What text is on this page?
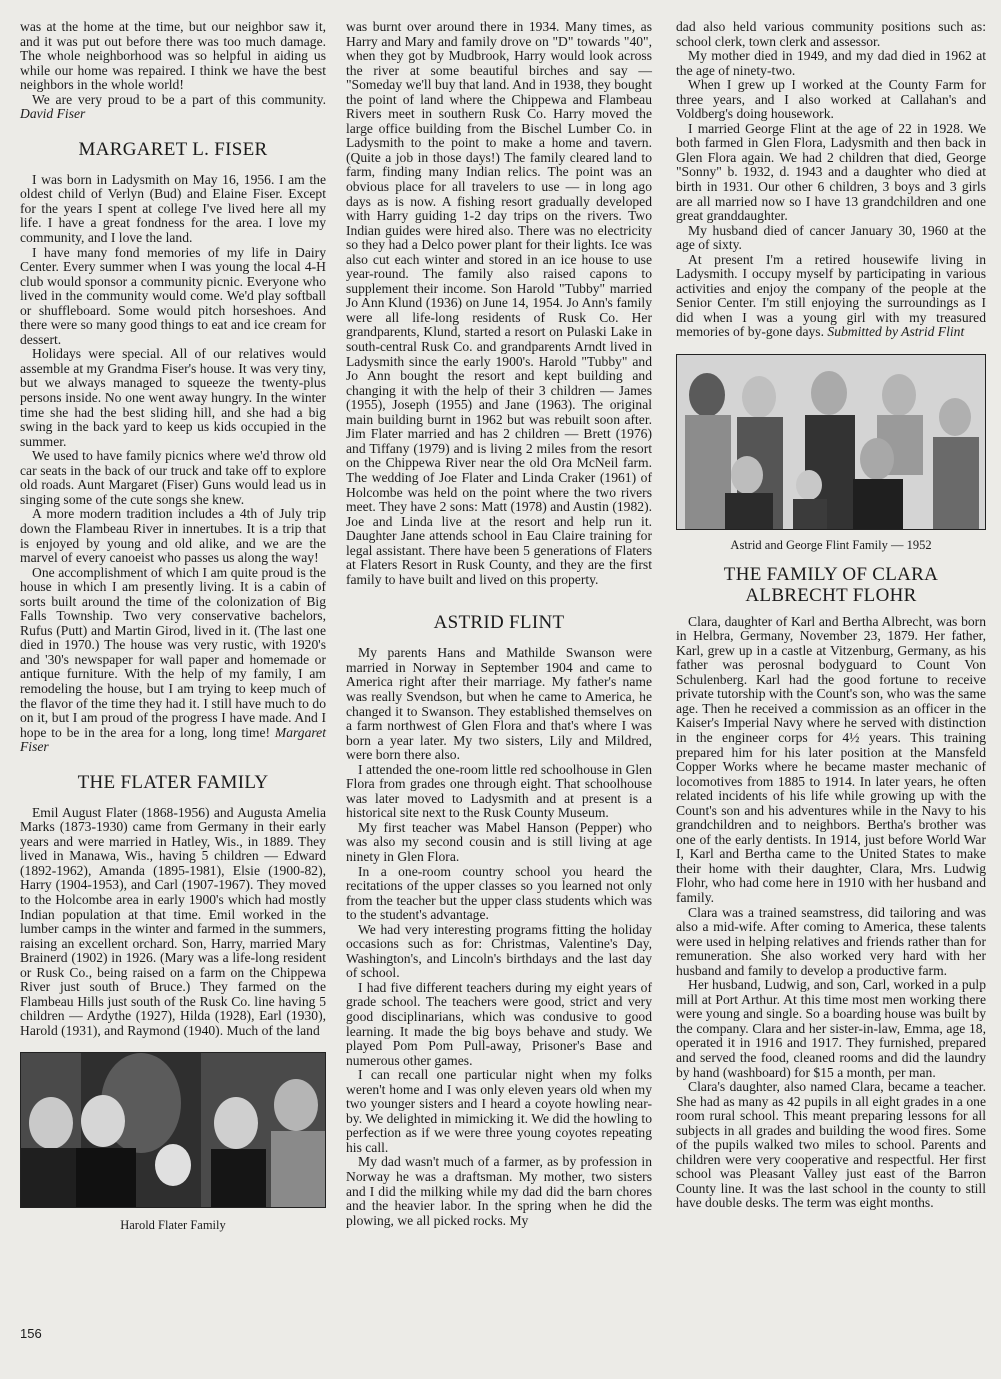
was at the home at the time, but our neighbor saw it, and it was put out before there was too much damage. The whole neighborhood was so helpful in aiding us while our home was repaired. I think we have the best neighbors in the whole world!

We are very proud to be a part of this community. David Fiser

MARGARET L. FISER

I was born in Ladysmith on May 16, 1956. I am the oldest child of Verlyn (Bud) and Elaine Fiser. Except for the years I spent at college I've lived here all my life. I have a great fondness for the area. I love my community, and I love the land.

I have many fond memories of my life in Dairy Center. Every summer when I was young the local 4-H club would sponsor a community picnic. Everyone who lived in the community would come. We'd play softball or shuffleboard. Some would pitch horseshoes. And there were so many good things to eat and ice cream for dessert.

Holidays were special. All of our relatives would assemble at my Grandma Fiser's house. It was very tiny, but we always managed to squeeze the twenty-plus persons inside. No one went away hungry. In the winter time she had the best sliding hill, and she had a big swing in the back yard to keep us kids occupied in the summer.

We used to have family picnics where we'd throw old car seats in the back of our truck and take off to explore old roads. Aunt Margaret (Fiser) Guns would lead us in singing some of the cute songs she knew.

A more modern tradition includes a 4th of July trip down the Flambeau River in innertubes. It is a trip that is enjoyed by young and old alike, and we are the marvel of every canoeist who passes us along the way!

One accomplishment of which I am quite proud is the house in which I am presently living. It is a cabin of sorts built around the time of the colonization of Big Falls Township. Two very conservative bachelors, Rufus (Putt) and Martin Girod, lived in it. (The last one died in 1970.) The house was very rustic, with 1920's and '30's newspaper for wall paper and homemade or antique furniture. With the help of my family, I am remodeling the house, but I am trying to keep much of the flavor of the time they had it. I still have much to do on it, but I am proud of the progress I have made. And I hope to be in the area for a long, long time! Margaret Fiser

THE FLATER FAMILY

Emil August Flater (1868-1956) and Augusta Amelia Marks (1873-1930) came from Germany in their early years and were married in Hatley, Wis., in 1889. They lived in Manawa, Wis., having 5 children — Edward (1892-1962), Amanda (1895-1981), Elsie (1900-82), Harry (1904-1953), and Carl (1907-1967). They moved to the Holcombe area in early 1900's which had mostly Indian population at that time. Emil worked in the lumber camps in the winter and farmed in the summers, raising an excellent orchard. Son, Harry, married Mary Brainerd (1902) in 1926. (Mary was a life-long resident or Rusk Co., being raised on a farm on the Chippewa River just south of Bruce.) They farmed on the Flambeau Hills just south of the Rusk Co. line having 5 children — Ardythe (1927), Hilda (1928), Earl (1930), Harold (1931), and Raymond (1940). Much of the land

Harold Flater Family

was burnt over around there in 1934. Many times, as Harry and Mary and family drove on "D" towards "40", when they got by Mudbrook, Harry would look across the river at some beautiful birches and say — "Someday we'll buy that land. And in 1938, they bought the point of land where the Chippewa and Flambeau Rivers meet in southern Rusk Co. Harry moved the large office building from the Bischel Lumber Co. in Ladysmith to the point to make a home and tavern. (Quite a job in those days!) The family cleared land to farm, finding many Indian relics. The point was an obvious place for all travelers to use — in long ago days as is now. A fishing resort gradually developed with Harry guiding 1-2 day trips on the rivers. Two Indian guides were hired also. There was no electricity so they had a Delco power plant for their lights. Ice was also cut each winter and stored in an ice house to use year-round. The family also raised capons to supplement their income. Son Harold "Tubby" married Jo Ann Klund (1936) on June 14, 1954. Jo Ann's family were all life-long residents of Rusk Co. Her grandparents, Klund, started a resort on Pulaski Lake in south-central Rusk Co. and grandparents Arndt lived in Ladysmith since the early 1900's. Harold "Tubby" and Jo Ann bought the resort and kept building and changing it with the help of their 3 children — James (1955), Joseph (1955) and Jane (1963). The original main building burnt in 1962 but was rebuilt soon after. Jim Flater married and has 2 children — Brett (1976) and Tiffany (1979) and is living 2 miles from the resort on the Chippewa River near the old Ora McNeil farm. The wedding of Joe Flater and Linda Craker (1961) of Holcombe was held on the point where the two rivers meet. They have 2 sons: Matt (1978) and Austin (1982). Joe and Linda live at the resort and help run it. Daughter Jane attends school in Eau Claire training for legal assistant. There have been 5 generations of Flaters at Flaters Resort in Rusk County, and they are the first family to have built and lived on this property.

ASTRID FLINT

My parents Hans and Mathilde Swanson were married in Norway in September 1904 and came to America right after their marriage. My father's name was really Svendson, but when he came to America, he changed it to Swanson. They established themselves on a farm northwest of Glen Flora and that's where I was born a year later. My two sisters, Lily and Mildred, were born there also.

I attended the one-room little red schoolhouse in Glen Flora from grades one through eight. That schoolhouse was later moved to Ladysmith and at present is a historical site next to the Rusk County Museum.

My first teacher was Mabel Hanson (Pepper) who was also my second cousin and is still living at age ninety in Glen Flora.

In a one-room country school you heard the recitations of the upper classes so you learned not only from the teacher but the upper class students which was to the student's advantage.

We had very interesting programs fitting the holiday occasions such as for: Christmas, Valentine's Day, Washington's, and Lincoln's birthdays and the last day of school.

I had five different teachers during my eight years of grade school. The teachers were good, strict and very good disciplinarians, which was condusive to good learning. It made the big boys behave and study. We played Pom Pom Pull-away, Prisoner's Base and numerous other games.

I can recall one particular night when my folks weren't home and I was only eleven years old when my two younger sisters and I heard a coyote howling near-by. We delighted in mimicking it. We did the howling to perfection as if we were three young coyotes repeating his call.

My dad wasn't much of a farmer, as by profession in Norway he was a draftsman. My mother, two sisters and I did the milking while my dad did the barn chores and the heavier labor. In the spring when he did the plowing, we all picked rocks. My

dad also held various community positions such as: school clerk, town clerk and assessor.

My mother died in 1949, and my dad died in 1962 at the age of ninety-two.

When I grew up I worked at the County Farm for three years, and I also worked at Callahan's and Voldberg's doing housework.

I married George Flint at the age of 22 in 1928. We both farmed in Glen Flora, Ladysmith and then back in Glen Flora again. We had 2 children that died, George "Sonny" b. 1932, d. 1943 and a daughter who died at birth in 1931. Our other 6 children, 3 boys and 3 girls are all married now so I have 13 grandchildren and one great granddaughter.

My husband died of cancer January 30, 1960 at the age of sixty.

At present I'm a retired housewife living in Ladysmith. I occupy myself by participating in various activities and enjoy the company of the people at the Senior Center. I'm still enjoying the surroundings as I did when I was a young girl with my treasured memories of by-gone days. Submitted by Astrid Flint

Astrid and George Flint Family — 1952

THE FAMILY OF CLARA
ALBRECHT FLOHR

Clara, daughter of Karl and Bertha Albrecht, was born in Helbra, Germany, November 23, 1879. Her father, Karl, grew up in a castle at Vitzenburg, Germany, as his father was perosnal bodyguard to Count Von Schulenberg. Karl had the good fortune to receive private tutorship with the Count's son, who was the same age. Then he received a commission as an officer in the Kaiser's Imperial Navy where he served with distinction in the engineer corps for 4½ years. This training prepared him for his later position at the Mansfeld Copper Works where he became master mechanic of locomotives from 1885 to 1914. In later years, he often related incidents of his life while growing up with the Count's son and his adventures while in the Navy to his grandchildren and to neighbors. Bertha's brother was one of the early dentists. In 1914, just before World War I, Karl and Bertha came to the United States to make their home with their daughter, Clara, Mrs. Ludwig Flohr, who had come here in 1910 with her husband and family.

Clara was a trained seamstress, did tailoring and was also a mid-wife. After coming to America, these talents were used in helping relatives and friends rather than for remuneration. She also worked very hard with her husband and family to develop a productive farm.

Her husband, Ludwig, and son, Carl, worked in a pulp mill at Port Arthur. At this time most men working there were young and single. So a boarding house was built by the company. Clara and her sister-in-law, Emma, age 18, operated it in 1916 and 1917. They furnished, prepared and served the food, cleaned rooms and did the laundry by hand (washboard) for $15 a month, per man.

Clara's daughter, also named Clara, became a teacher. She had as many as 42 pupils in all eight grades in a one room rural school. This meant preparing lessons for all subjects in all grades and building the wood fires. Some of the pupils walked two miles to school. Parents and children were very cooperative and respectful. Her first school was Pleasant Valley just east of the Barron County line. It was the last school in the county to still have double desks. The term was eight months.

156
